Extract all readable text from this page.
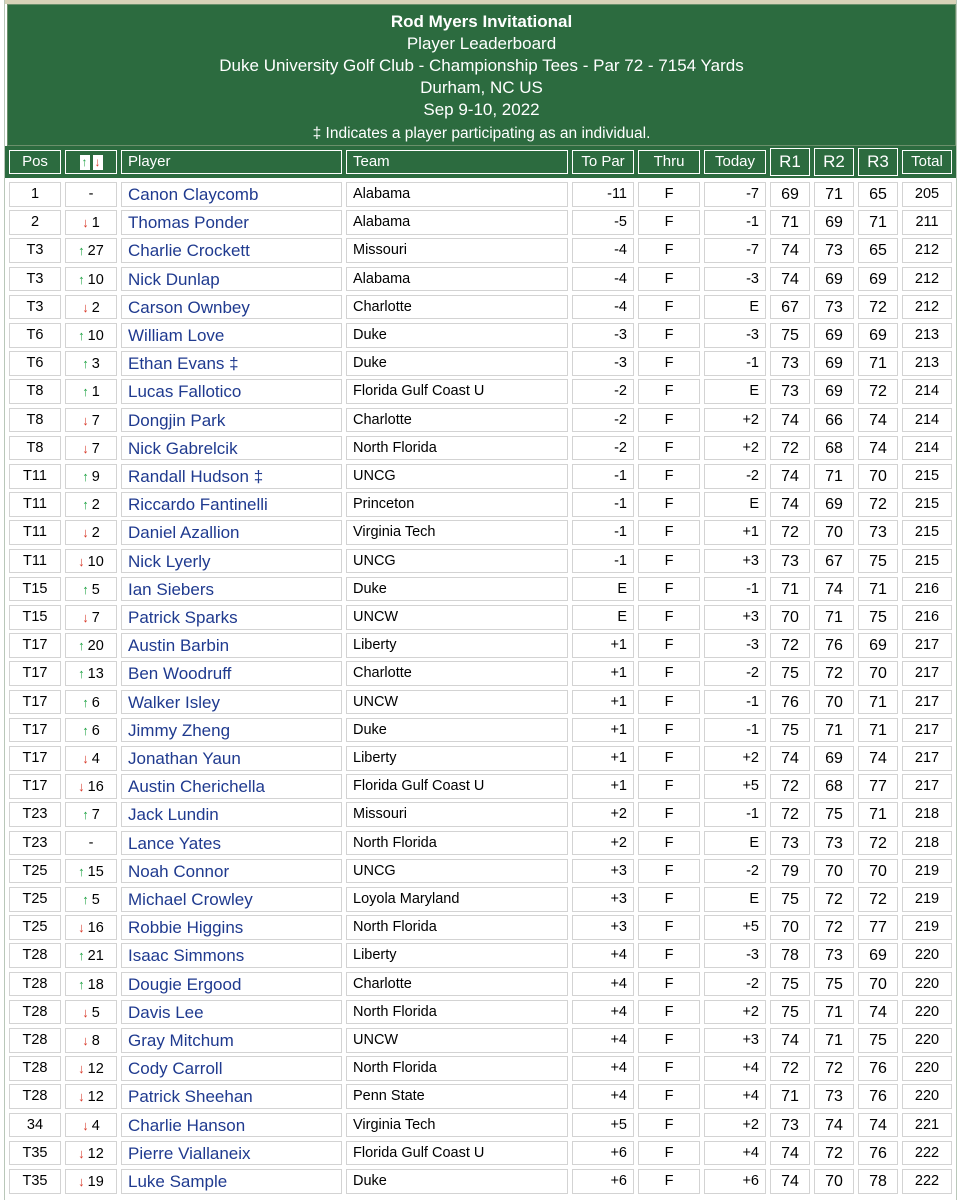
Rod Myers Invitational
Player Leaderboard
Duke University Golf Club - Championship Tees - Par 72 - 7154 Yards
Durham, NC US
Sep 9-10, 2022
‡ Indicates a player participating as an individual.
Pos	↑ ↓	Player	Team	To Par	Thru	Today	R1	R2	R3	Total
1	-	Canon Claycomb	Alabama	-11	F	-7	69	71	65	205
2	↓ 1	Thomas Ponder	Alabama	-5	F	-1	71	69	71	211
T3	↑ 27	Charlie Crockett	Missouri	-4	F	-7	74	73	65	212
T3	↑ 10	Nick Dunlap	Alabama	-4	F	-3	74	69	69	212
T3	↓ 2	Carson Ownbey	Charlotte	-4	F	E	67	73	72	212
T6	↑ 10	William Love	Duke	-3	F	-3	75	69	69	213
T6	↑ 3	Ethan Evans ‡	Duke	-3	F	-1	73	69	71	213
T8	↑ 1	Lucas Fallotico	Florida Gulf Coast U	-2	F	E	73	69	72	214
T8	↓ 7	Dongjin Park	Charlotte	-2	F	+2	74	66	74	214
T8	↓ 7	Nick Gabrelcik	North Florida	-2	F	+2	72	68	74	214
T11	↑ 9	Randall Hudson ‡	UNCG	-1	F	-2	74	71	70	215
T11	↑ 2	Riccardo Fantinelli	Princeton	-1	F	E	74	69	72	215
T11	↓ 2	Daniel Azallion	Virginia Tech	-1	F	+1	72	70	73	215
T11	↓ 10	Nick Lyerly	UNCG	-1	F	+3	73	67	75	215
T15	↑ 5	Ian Siebers	Duke	E	F	-1	71	74	71	216
T15	↓ 7	Patrick Sparks	UNCW	E	F	+3	70	71	75	216
T17	↑ 20	Austin Barbin	Liberty	+1	F	-3	72	76	69	217
T17	↑ 13	Ben Woodruff	Charlotte	+1	F	-2	75	72	70	217
T17	↑ 6	Walker Isley	UNCW	+1	F	-1	76	70	71	217
T17	↑ 6	Jimmy Zheng	Duke	+1	F	-1	75	71	71	217
T17	↓ 4	Jonathan Yaun	Liberty	+1	F	+2	74	69	74	217
T17	↓ 16	Austin Cherichella	Florida Gulf Coast U	+1	F	+5	72	68	77	217
T23	↑ 7	Jack Lundin	Missouri	+2	F	-1	72	75	71	218
T23	-	Lance Yates	North Florida	+2	F	E	73	73	72	218
T25	↑ 15	Noah Connor	UNCG	+3	F	-2	79	70	70	219
T25	↑ 5	Michael Crowley	Loyola Maryland	+3	F	E	75	72	72	219
T25	↓ 16	Robbie Higgins	North Florida	+3	F	+5	70	72	77	219
T28	↑ 21	Isaac Simmons	Liberty	+4	F	-3	78	73	69	220
T28	↑ 18	Dougie Ergood	Charlotte	+4	F	-2	75	75	70	220
T28	↓ 5	Davis Lee	North Florida	+4	F	+2	75	71	74	220
T28	↓ 8	Gray Mitchum	UNCW	+4	F	+3	74	71	75	220
T28	↓ 12	Cody Carroll	North Florida	+4	F	+4	72	72	76	220
T28	↓ 12	Patrick Sheehan	Penn State	+4	F	+4	71	73	76	220
34	↓ 4	Charlie Hanson	Virginia Tech	+5	F	+2	73	74	74	221
T35	↓ 12	Pierre Viallaneix	Florida Gulf Coast U	+6	F	+4	74	72	76	222
T35	↓ 19	Luke Sample	Duke	+6	F	+6	74	70	78	222
